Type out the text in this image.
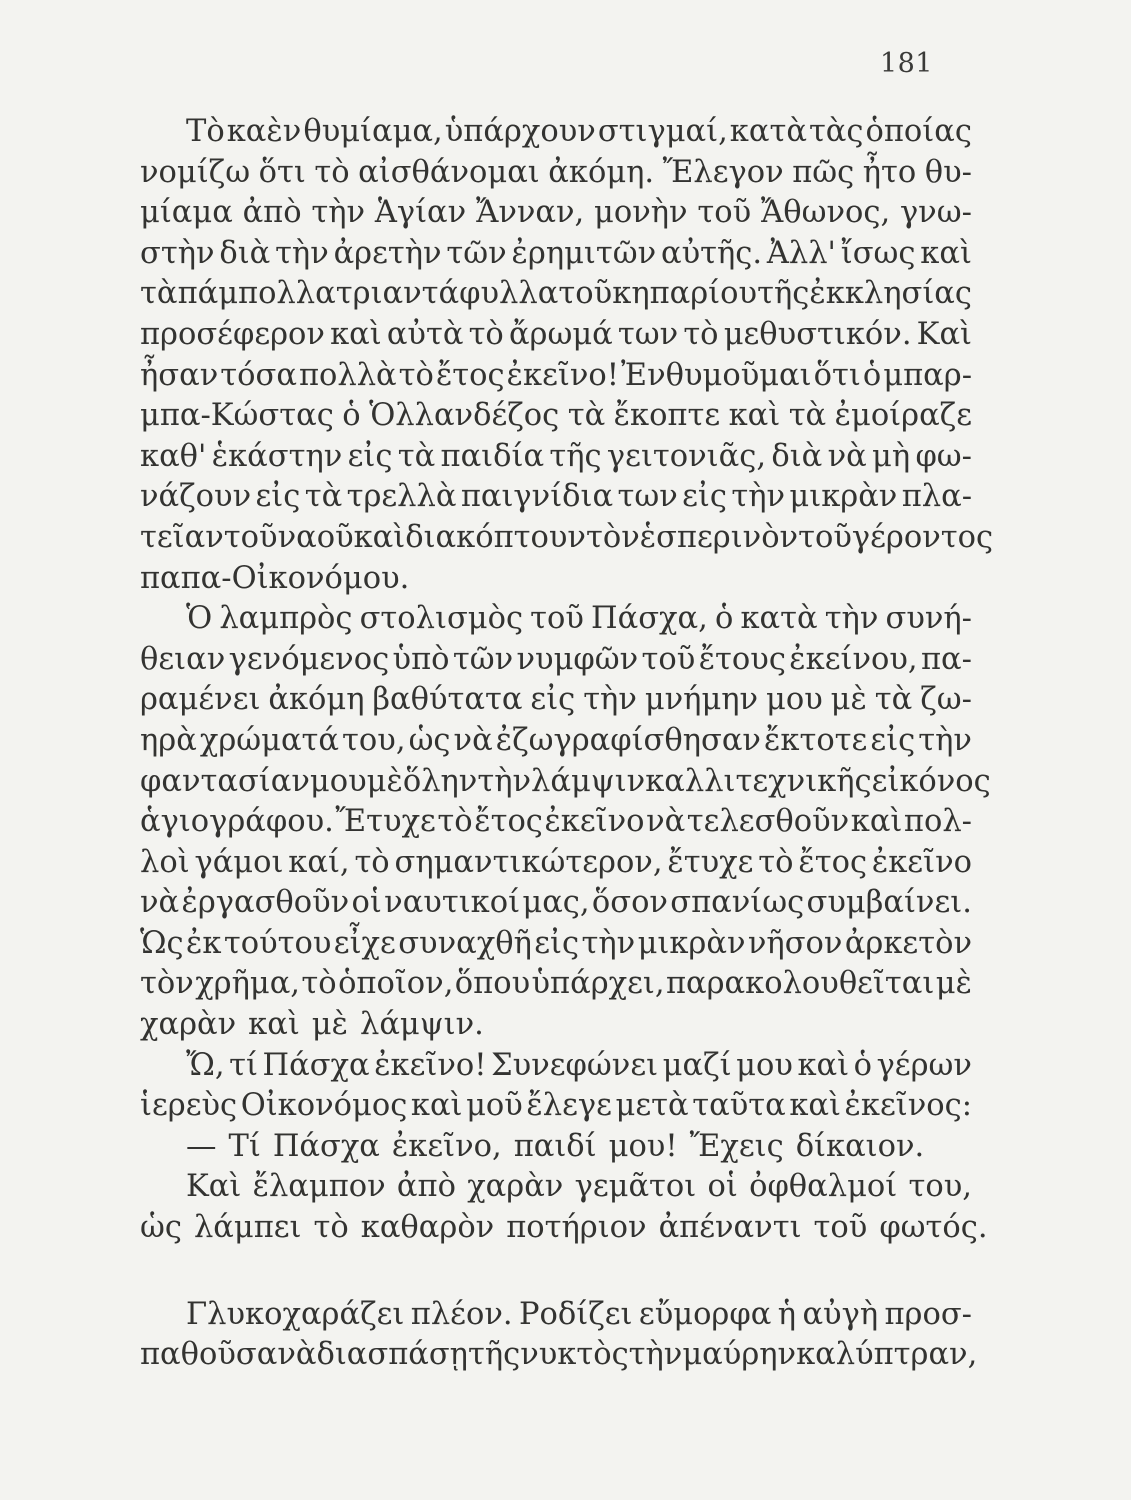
181
Τὸ καὲν θυμίαμα, ὑπάρχουν στιγμαί, κατὰ τὰς ὁποίας
νομίζω ὅτι τὸ αἰσθάνομαι ἀκόμη. Ἔλεγον πῶς ἦτο θυ-
μίαμα ἀπὸ τὴν Ἁγίαν Ἄνναν, μονὴν τοῦ Ἄθωνος, γνω-
στὴν διὰ τὴν ἀρετὴν τῶν ἐρημιτῶν αὐτῆς. Ἀλλ' ἴσως καὶ
τὰ πάμπολλα τριαντάφυλλα τοῦ κηπαρίου τῆς ἐκκλησίας
προσέφερον καὶ αὐτὰ τὸ ἄρωμά των τὸ μεθυστικόν. Καὶ
ἦσαν τόσα πολλὰ τὸ ἔτος ἐκεῖνο! Ἐνθυμοῦμαι ὅτι ὁ μπαρ-
μπα-Κώστας ὁ Ὁλλανδέζος τὰ ἔκοπτε καὶ τὰ ἐμοίραζε
καθ' ἑκάστην εἰς τὰ παιδία τῆς γειτονιᾶς, διὰ νὰ μὴ φω-
νάζουν εἰς τὰ τρελλὰ παιγνίδια των εἰς τὴν μικρὰν πλα-
τεῖαν τοῦ ναοῦ καὶ διακόπτουν τὸν ἑσπερινὸν τοῦ γέροντος
παπα-Οἰκονόμου.
Ὁ λαμπρὸς στολισμὸς τοῦ Πάσχα, ὁ κατὰ τὴν συνή-
θειαν γενόμενος ὑπὸ τῶν νυμφῶν τοῦ ἔτους ἐκείνου, πα-
ραμένει ἀκόμη βαθύτατα εἰς τὴν μνήμην μου μὲ τὰ ζω-
ηρὰ χρώματά του, ὡς νὰ ἐζωγραφίσθησαν ἔκτοτε εἰς τὴν
φαντασίαν μου μὲ ὅλην τὴν λάμψιν καλλιτεχνικῆς εἰκόνος
ἁγιογράφου. Ἔτυχε τὸ ἔτος ἐκεῖνο νὰ τελεσθοῦν καὶ πολ-
λοὶ γάμοι καί, τὸ σημαντικώτερον, ἔτυχε τὸ ἔτος ἐκεῖνο
νὰ ἐργασθοῦν οἱ ναυτικοί μας, ὅσον σπανίως συμβαίνει.
Ὡς ἐκ τούτου εἶχε συναχθῆ εἰς τὴν μικρὰν νῆσον ἀρκετὸν
τὸν χρῆμα, τὸ ὁποῖον, ὅπου ὑπάρχει, παρακολουθεῖται μὲ
χαρὰν καὶ μὲ λάμψιν.
Ὤ, τί Πάσχα ἐκεῖνο! Συνεφώνει μαζί μου καὶ ὁ γέρων
ἱερεὺς Οἰκονόμος καὶ μοῦ ἔλεγε μετὰ ταῦτα καὶ ἐκεῖνος:
— Τί Πάσχα ἐκεῖνο, παιδί μου! Ἔχεις δίκαιον.
Καὶ ἔλαμπον ἀπὸ χαρὰν γεμᾶτοι οἱ ὀφθαλμοί του,
ὡς λάμπει τὸ καθαρὸν ποτήριον ἀπέναντι τοῦ φωτός.
Γλυκοχαράζει πλέον. Ροδίζει εὔμορφα ἡ αὐγὴ προσ-
παθοῦσα νὰ διασπάσῃ τῆς νυκτὸς τὴν μαύρην καλύπτραν,
